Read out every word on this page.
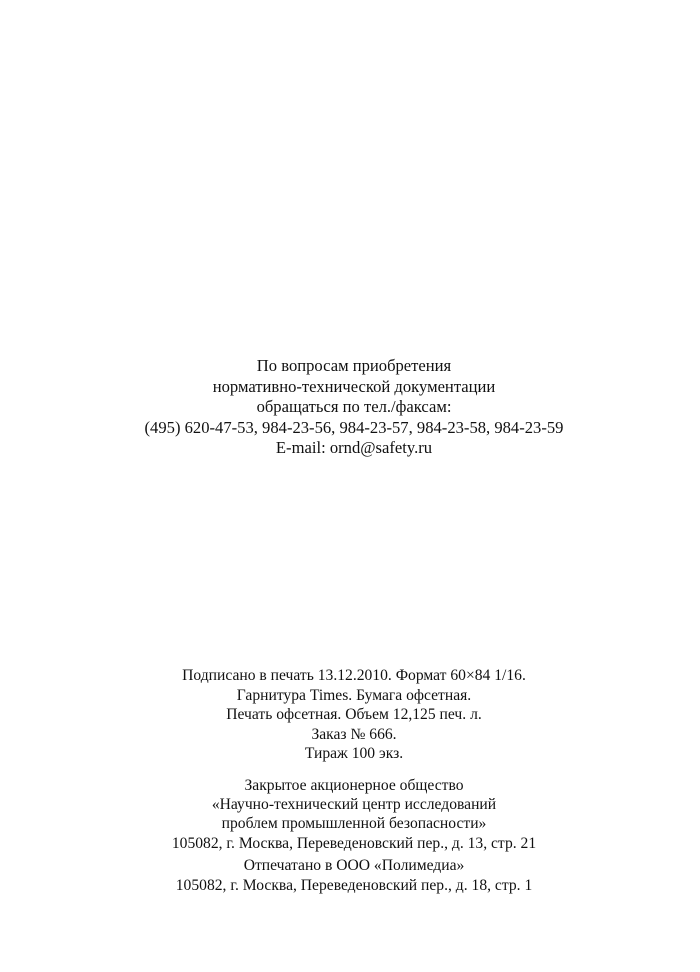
По вопросам приобретения
нормативно-технической документации
обращаться по тел./факсам:
(495) 620-47-53, 984-23-56, 984-23-57, 984-23-58, 984-23-59
E-mail: ornd@safety.ru
Подписано в печать 13.12.2010. Формат 60×84 1/16.
Гарнитура Times. Бумага офсетная.
Печать офсетная. Объем 12,125 печ. л.
Заказ № 666.
Тираж 100 экз.
Закрытое акционерное общество
«Научно-технический центр исследований
проблем промышленной безопасности»
105082, г. Москва, Переведеновский пер., д. 13, стр. 21
Отпечатано в ООО «Полимедиа»
105082, г. Москва, Переведеновский пер., д. 18, стр. 1
